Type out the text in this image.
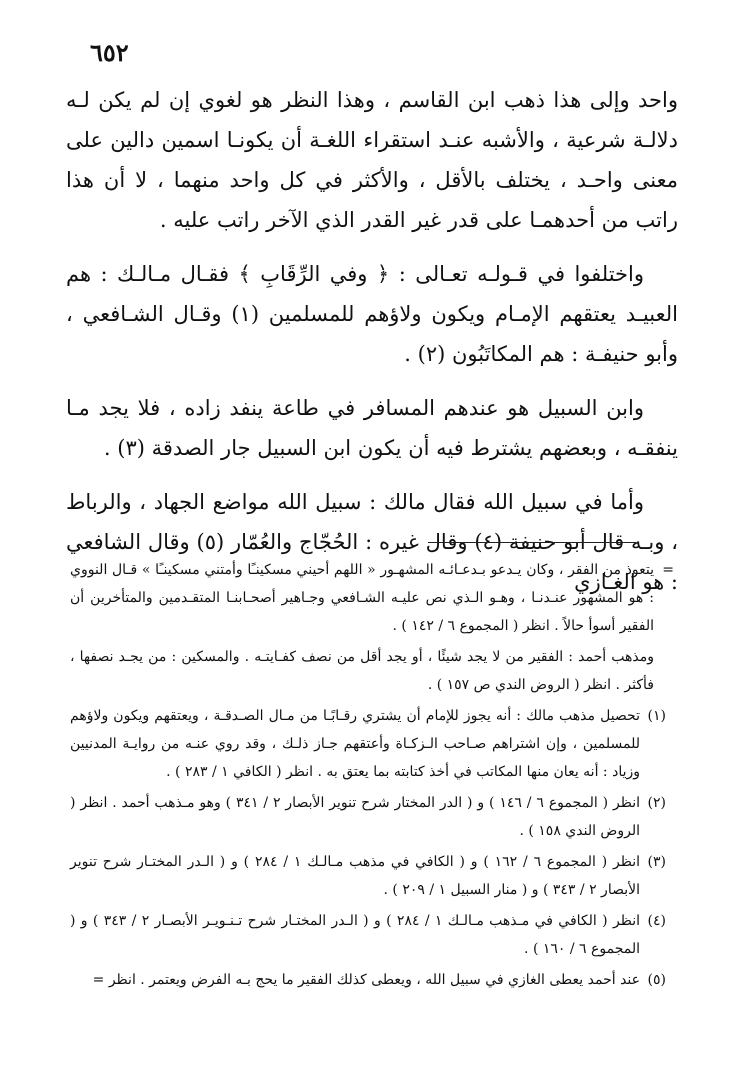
٦٥٢

واحد وإلى هذا ذهب ابن القاسم ، وهذا النظر هو لغوي إن لم يكن لـه دلالـة شرعية ، والأشبه عنـد استقراء اللغـة أن يكونـا اسمين دالين على معنى واحـد ، يختلف بالأقل ، والأكثر في كل واحد منهما ، لا أن هذا راتب من أحدهمـا على قدر غير القدر الذي الآخر راتب عليه .

واختلفوا في قـولـه تعـالى : ﴿ وفي الرِّقَابِ ﴾ فقـال مـالـك : هم العبيـد يعتقهم الإمـام ويكون ولاؤهم للمسلمين (١) وقـال الشـافعي ، وأبو حنيفـة : هم المكاتَبُون (٢) .

وابن السبيل هو عندهم المسافر في طاعة ينفد زاده ، فلا يجد مـا ينفقـه ، وبعضهم يشترط فيه أن يكون ابن السبيل جار الصدقة (٣) .

وأما في سبيل الله فقال مالك : سبيل الله مواضع الجهاد ، والرباط ، وبـه قال أبو حنيفة (٤) وقال غيره : الحُجّاج والعُمّار (٥) وقال الشافعي : هو الغـازي

= يتعوذ من الفقر ، وكان يـدعو بـدعـائـه المشهـور « اللهم أحيني مسكينـًا وأمتني مسكينـًا » قـال النووي : هو المشهور عنـدنـا ، وهـو الـذي نص عليـه الشـافعي وجـاهير أصحـابنـا المتقـدمين والمتأخرين أن الفقير أسوأ حالاً . انظر ( المجموع ٦ / ١٤٢ ) .
ومذهب أحمد : الفقير من لا يجد شيئًا ، أو يجد أقل من نصف كفـايتـه . والمسكين : من يجـد نصفها ، فأكثر . انظر ( الروض الندي ص ١٥٧ ) .
(١)
تحصيل مذهب مالك : أنه يجوز للإمام أن يشتري رقـابًـا من مـال الصـدقـة ، ويعتقهم ويكون ولاؤهم للمسلمين ، وإن اشتراهم صـاحب الـزكـاة وأعتقهم جـاز ذلـك ، وقد روي عنـه من روايـة المدنيين وزياد : أنه يعان منها المكاتب في أخذ كتابته بما يعتق به . انظر ( الكافي ١ / ٢٨٣ ) .
(٢)
انظر ( المجموع ٦ / ١٤٦ ) و ( الدر المختار شرح تنوير الأبصار ٢ / ٣٤١ ) وهو مـذهب أحمد . انظر ( الروض الندي ١٥٨ ) .
(٣)
انظر ( المجموع ٦ / ١٦٢ ) و ( الكافي في مذهب مـالـك ١ / ٢٨٤ ) و ( الـدر المختـار شرح تنوير الأبصار ٢ / ٣٤٣ ) و ( منار السبيل ١ / ٢٠٩ ) .
(٤)
انظر ( الكافي في مـذهب مـالـك ١ / ٢٨٤ ) و ( الـدر المختـار شرح تـنـويـر الأبصـار ٢ / ٣٤٣ ) و ( المجموع ٦ / ١٦٠ ) .
(٥)
عند أحمد يعطى الغازي في سبيل الله ، ويعطى كذلك الفقير ما يحج بـه الفرض ويعتمر . انظر =
